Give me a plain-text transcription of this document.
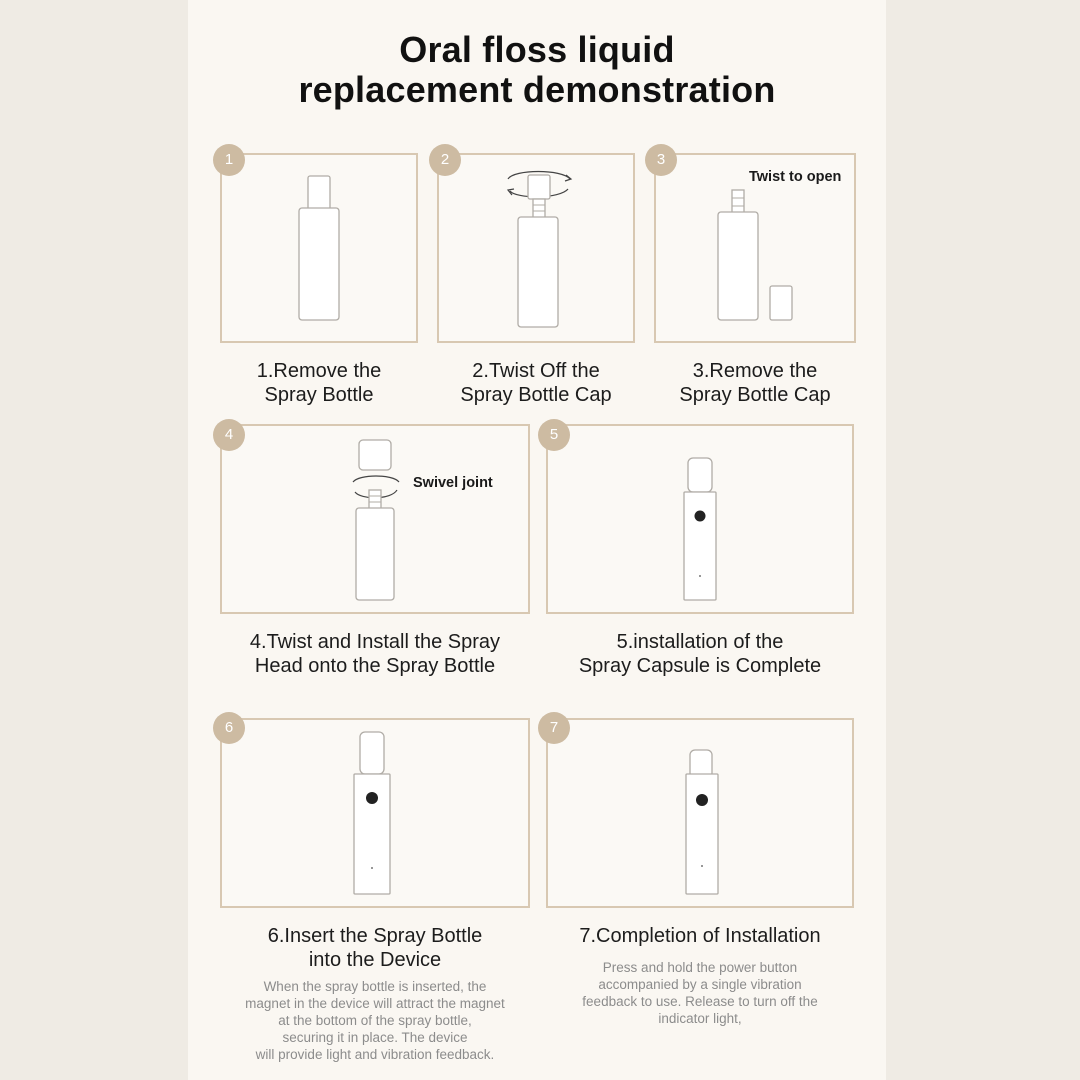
Oral floss liquid
replacement demonstration
1
1.Remove the
Spray Bottle
2
2.Twist Off the
Spray Bottle Cap
3
Twist to open
3.Remove the
Spray Bottle Cap
4
Swivel joint
4.Twist and Install the Spray
Head onto the Spray Bottle
5
5.installation of the
Spray Capsule is Complete
6
6.Insert the Spray Bottle
into the Device
When the spray bottle is inserted, the
magnet in the device will attract the magnet
at the bottom of the spray bottle,
securing it in place. The device
will provide light and vibration feedback.
7
7.Completion of Installation
Press and hold the power button
accompanied by a single vibration
feedback to use. Release to turn off the
indicator light,
